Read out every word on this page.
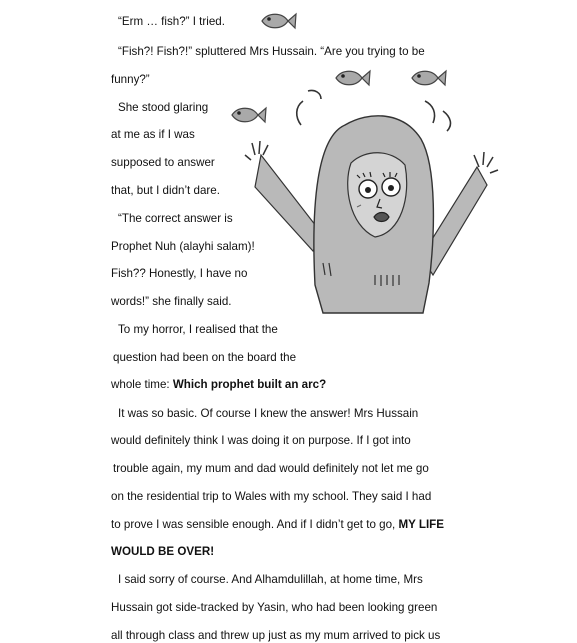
“Erm … fish?” I tried.
“Fish?! Fish?!” spluttered Mrs Hussain. “Are you trying to be
funny?”
She stood glaring
at me as if I was
supposed to answer
that, but I didn’t dare.
“The correct answer is
Prophet Nuh (alayhi salam)!
Fish?? Honestly, I have no
words!” she finally said.
To my horror, I realised that the
question had been on the board the
whole time: Which prophet built an arc?
It was so basic. Of course I knew the answer! Mrs Hussain
would definitely think I was doing it on purpose. If I got into
trouble again, my mum and dad would definitely not let me go
on the residential trip to Wales with my school. They said I had
to prove I was sensible enough. And if I didn’t get to go, MY LIFE
WOULD BE OVER!
I said sorry of course. And Alhamdulillah, at home time, Mrs
Hussain got side-tracked by Yasin, who had been looking green
all through class and threw up just as my mum arrived to pick us
